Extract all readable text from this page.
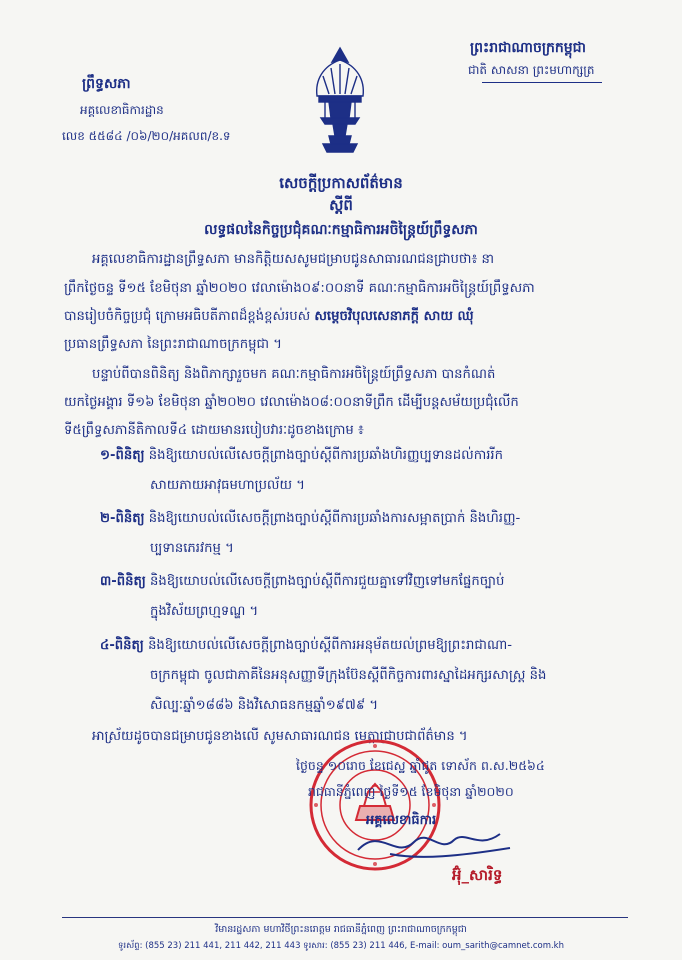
ព្រះរាជាណាចក្រកម្ពុជា
ជាតិ សាសនា ព្រះមហាក្សត្រ
ព្រឹទ្ធសភា
អគ្គលេខាធិការដ្ឋាន
លេខ ៥៥៨៤ /០៦/២០/អគលព/ខ.ទ
សេចក្តីប្រកាសព័ត៌មាន
ស្តីពី
លទ្ធផលនៃកិច្ចប្រជុំគណៈកម្មាធិការអចិន្ត្រៃយ៍ព្រឹទ្ធសភា
អគ្គលេខាធិការដ្ឋានព្រឹទ្ធសភា មានកិត្តិយសសូមជម្រាបជូនសាធារណជនជ្រាបថា៖ នា
ព្រឹកថ្ងៃចន្ទ ទី១៥ ខែមិថុនា ឆ្នាំ២០២០ វេលាម៉ោង០៩:០០នាទី គណៈកម្មាធិការអចិន្ត្រៃយ៍ព្រឹទ្ធសភា
បានរៀបចំកិច្ចប្រជុំ ក្រោមអធិបតីភាពដ៏ខ្ពង់ខ្ពស់របស់ សម្តេចវិបុលសេនាភក្តី សាយ ឈុំ
ប្រធានព្រឹទ្ធសភា នៃព្រះរាជាណាចក្រកម្ពុជា ។
បន្ទាប់ពីបានពិនិត្យ និងពិភាក្សារួចមក គណៈកម្មាធិការអចិន្ត្រៃយ៍ព្រឹទ្ធសភា បានកំណត់
យកថ្ងៃអង្គារ ទី១៦ ខែមិថុនា ឆ្នាំ២០២០ វេលាម៉ោង០៨:០០នាទីព្រឹក ដើម្បីបន្តសម័យប្រជុំលើក
ទី៥ព្រឹទ្ធសភានីតិកាលទី៤ ដោយមានរបៀបវារៈដូចខាងក្រោម ៖
១-ពិនិត្យ និងឱ្យយោបល់លើសេចក្តីព្រាងច្បាប់ស្តីពីការប្រឆាំងហិរញ្ញប្បទានដល់ការរីក
សាយភាយអាវុធមហាប្រល័យ ។
២-ពិនិត្យ និងឱ្យយោបល់លើសេចក្តីព្រាងច្បាប់ស្តីពីការប្រឆាំងការសម្អាតប្រាក់ និងហិរញ្ញ-
ប្បទានភេរវកម្ម ។
៣-ពិនិត្យ និងឱ្យយោបល់លើសេចក្តីព្រាងច្បាប់ស្តីពីការជួយគ្នាទៅវិញទៅមកផ្នែកច្បាប់
ក្នុងវិស័យព្រហ្មទណ្ឌ ។
៤-ពិនិត្យ និងឱ្យយោបល់លើសេចក្តីព្រាងច្បាប់ស្តីពីការអនុម័តយល់ព្រមឱ្យព្រះរាជាណា-
ចក្រកម្ពុជា ចូលជាភាគីនៃអនុសញ្ញាទីក្រុងប៊ែនស្តីពីកិច្ចការពារស្នាដៃអក្សរសាស្ត្រ និង
សិល្បៈឆ្នាំ១៨៨៦ និងវិសោធនកម្មឆ្នាំ១៩៧៩ ។
អាស្រ័យដូចបានជម្រាបជូនខាងលើ សូមសាធារណជន មេត្តាជ្រាបជាព័ត៌មាន ។
ថ្ងៃចន្ទ ១០រោច ខែជេស្ឋ ឆ្នាំជូត ទោស័ក ព.ស.២៥៦៤
រាជធានីភ្នំពេញ ថ្ងៃទី១៥ ខែមិថុនា ឆ្នាំ២០២០
អគ្គលេខាធិការ
អ៊ុំ_សារិទ្ធ
វិមានរដ្ឋសភា មហាវិថីព្រះនរោត្តម រាជធានីភ្នំពេញ ព្រះរាជាណាចក្រកម្ពុជា
ទូរស័ព្ទ: (855 23) 211 441, 211 442, 211 443 ទូរសារ: (855 23) 211 446, E-mail: oum_sarith@camnet.com.kh
